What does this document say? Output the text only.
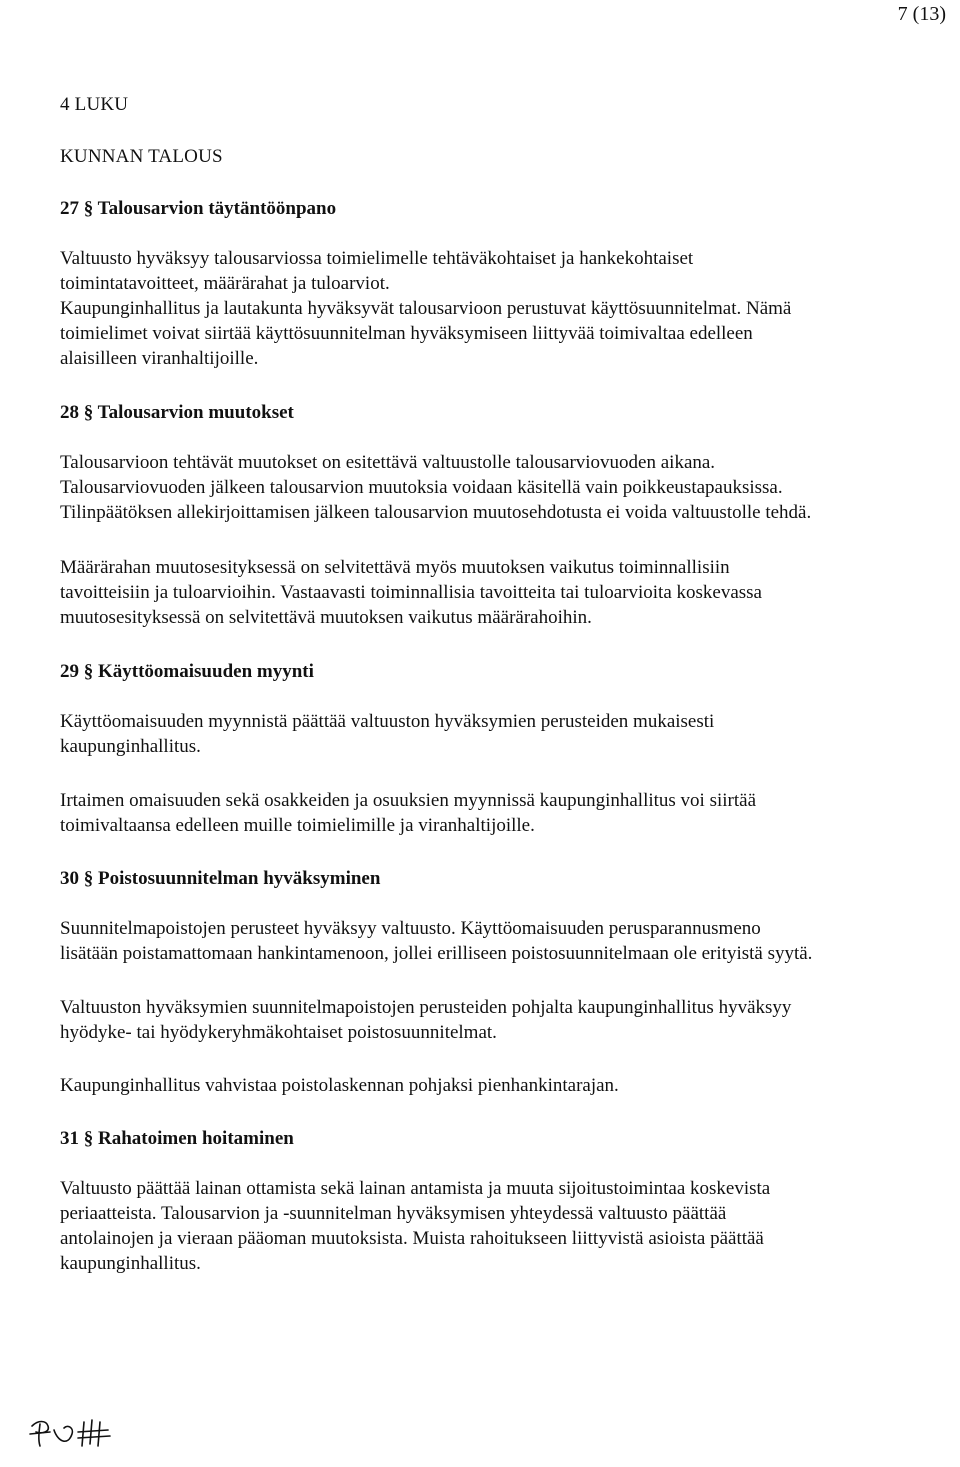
7 (13)
4 LUKU
KUNNAN TALOUS
27 § Talousarvion täytäntöönpano
Valtuusto hyväksyy talousarviossa toimielimelle tehtäväkohtaiset ja hankekohtaiset
toimintatavoitteet, määrärahat ja tuloarviot.
Kaupunginhallitus ja lautakunta hyväksyvät talousarvioon perustuvat käyttösuunnitelmat. Nämä
toimielimet voivat siirtää käyttösuunnitelman hyväksymiseen liittyvää toimivaltaa edelleen
alaisilleen viranhaltijoille.
28 § Talousarvion muutokset
Talousarvioon tehtävät muutokset on esitettävä valtuustolle talousarviovuoden aikana.
Talousarviovuoden jälkeen talousarvion muutoksia voidaan käsitellä vain poikkeustapauksissa.
Tilinpäätöksen allekirjoittamisen jälkeen talousarvion muutosehdotusta ei voida valtuustolle tehdä.
Määrärahan muutosesityksessä on selvitettävä myös muutoksen vaikutus toiminnallisiin
tavoitteisiin ja tuloarvioihin. Vastaavasti toiminnallisia tavoitteita tai tuloarvioita koskevassa
muutosesityksessä on selvitettävä muutoksen vaikutus määrärahoihin.
29 § Käyttöomaisuuden myynti
Käyttöomaisuuden myynnistä päättää valtuuston hyväksymien perusteiden mukaisesti
kaupunginhallitus.
Irtaimen omaisuuden sekä osakkeiden ja osuuksien myynnissä kaupunginhallitus voi siirtää
toimivaltaansa edelleen muille toimielimille ja viranhaltijoille.
30 § Poistosuunnitelman hyväksyminen
Suunnitelmapoistojen perusteet hyväksyy valtuusto. Käyttöomaisuuden perusparannusmeno
lisätään poistamattomaan hankintamenoon, jollei erilliseen poistosuunnitelmaan ole erityistä syytä.
Valtuuston hyväksymien suunnitelmapoistojen perusteiden pohjalta kaupunginhallitus hyväksyy
hyödyke- tai hyödykeryhmäkohtaiset poistosuunnitelmat.
Kaupunginhallitus vahvistaa poistolaskennan pohjaksi pienhankintarajan.
31 § Rahatoimen hoitaminen
Valtuusto päättää lainan ottamista sekä lainan antamista ja muuta sijoitustoimintaa koskevista
periaatteista. Talousarvion ja -suunnitelman hyväksymisen yhteydessä valtuusto päättää
antolainojen ja vieraan pääoman muutoksista. Muista rahoitukseen liittyvistä asioista päättää
kaupunginhallitus.
